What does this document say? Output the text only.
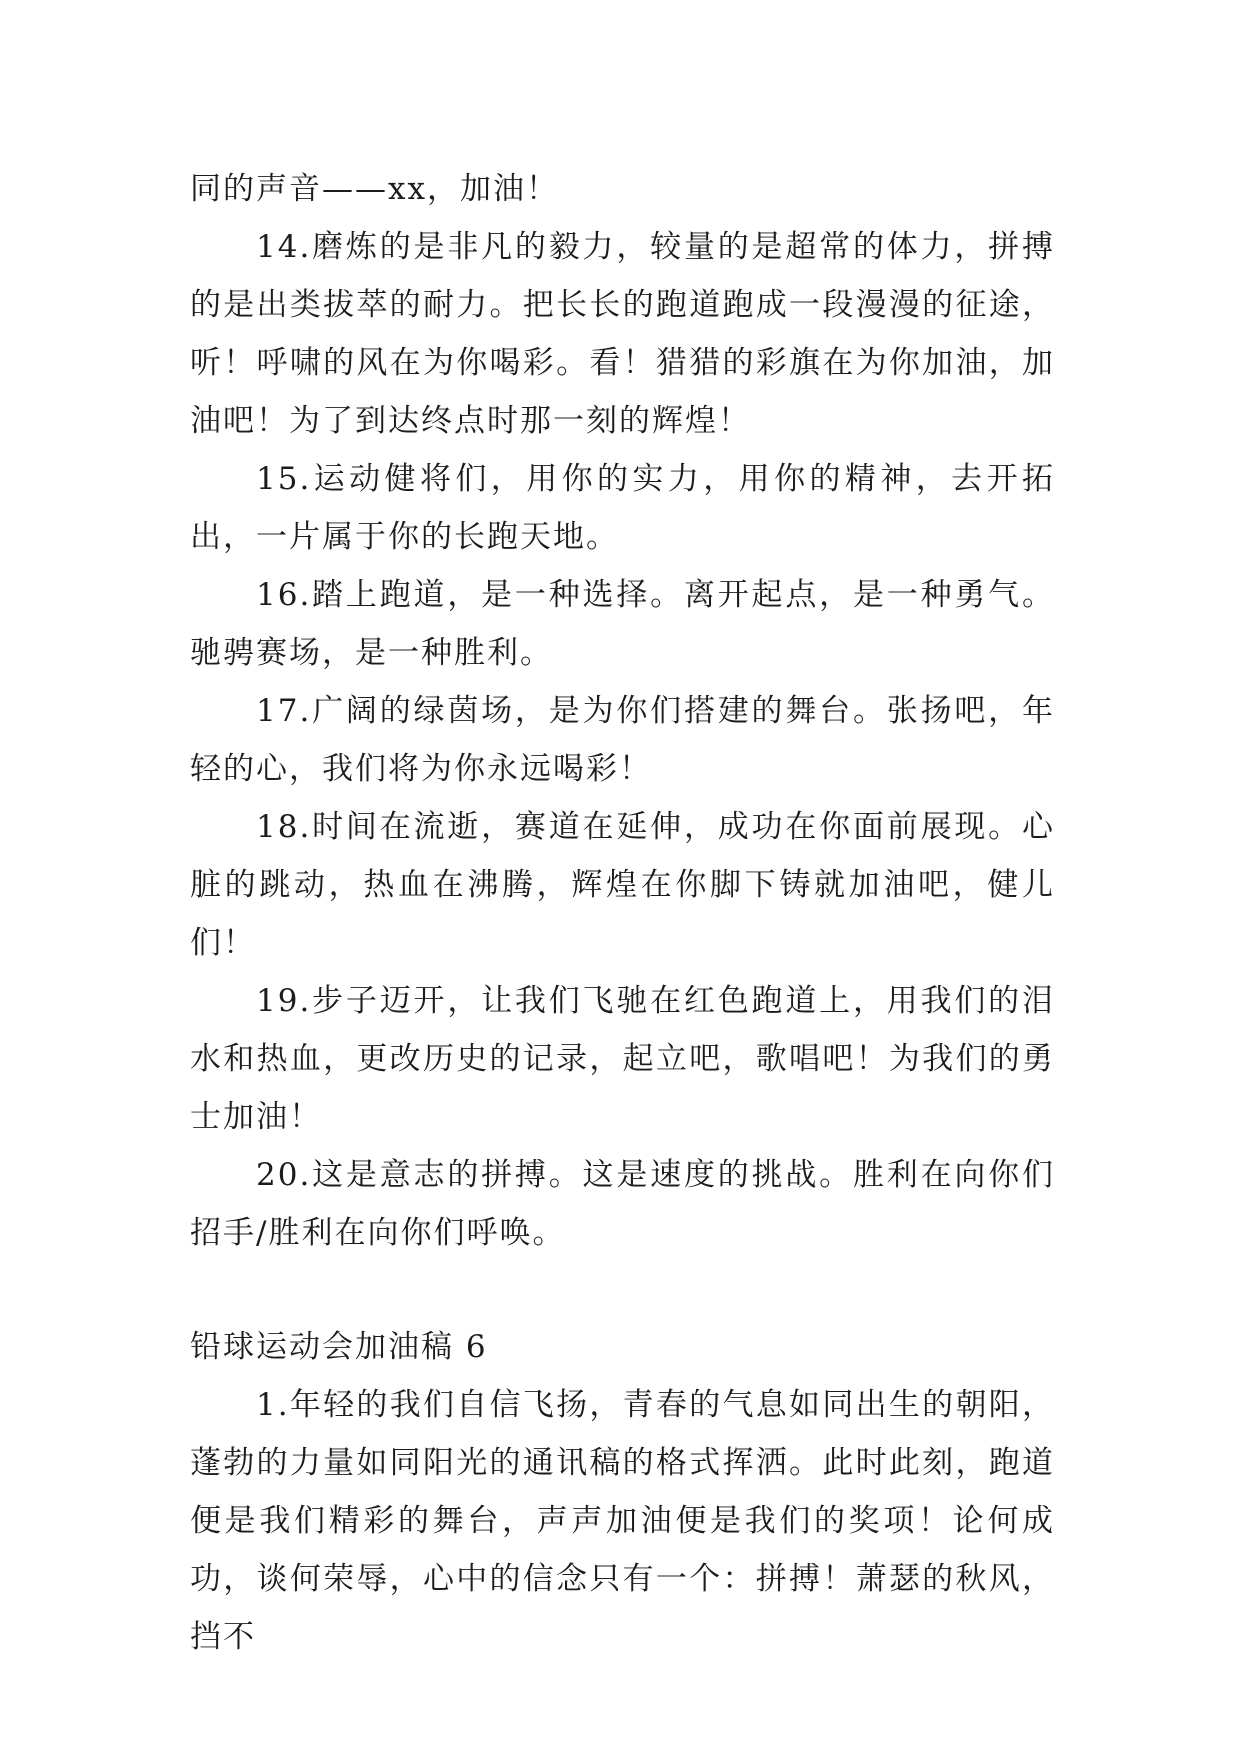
同的声音——xx，加油！

14.磨炼的是非凡的毅力，较量的是超常的体力，拼搏的是出类拔萃的耐力。把长长的跑道跑成一段漫漫的征途，听！呼啸的风在为你喝彩。看！猎猎的彩旗在为你加油，加油吧！为了到达终点时那一刻的辉煌！

15.运动健将们，用你的实力，用你的精神，去开拓出，一片属于你的长跑天地。

16.踏上跑道，是一种选择。离开起点，是一种勇气。驰骋赛场，是一种胜利。

17.广阔的绿茵场，是为你们搭建的舞台。张扬吧，年轻的心，我们将为你永远喝彩！

18.时间在流逝，赛道在延伸，成功在你面前展现。心脏的跳动，热血在沸腾，辉煌在你脚下铸就加油吧，健儿们！

19.步子迈开，让我们飞驰在红色跑道上，用我们的泪水和热血，更改历史的记录，起立吧，歌唱吧！为我们的勇士加油！

20.这是意志的拼搏。这是速度的挑战。胜利在向你们招手/胜利在向你们呼唤。

铅球运动会加油稿 6

1.年轻的我们自信飞扬，青春的气息如同出生的朝阳，蓬勃的力量如同阳光的通讯稿的格式挥洒。此时此刻，跑道便是我们精彩的舞台，声声加油便是我们的奖项！论何成功，谈何荣辱，心中的信念只有一个：拼搏！萧瑟的秋风，挡不
